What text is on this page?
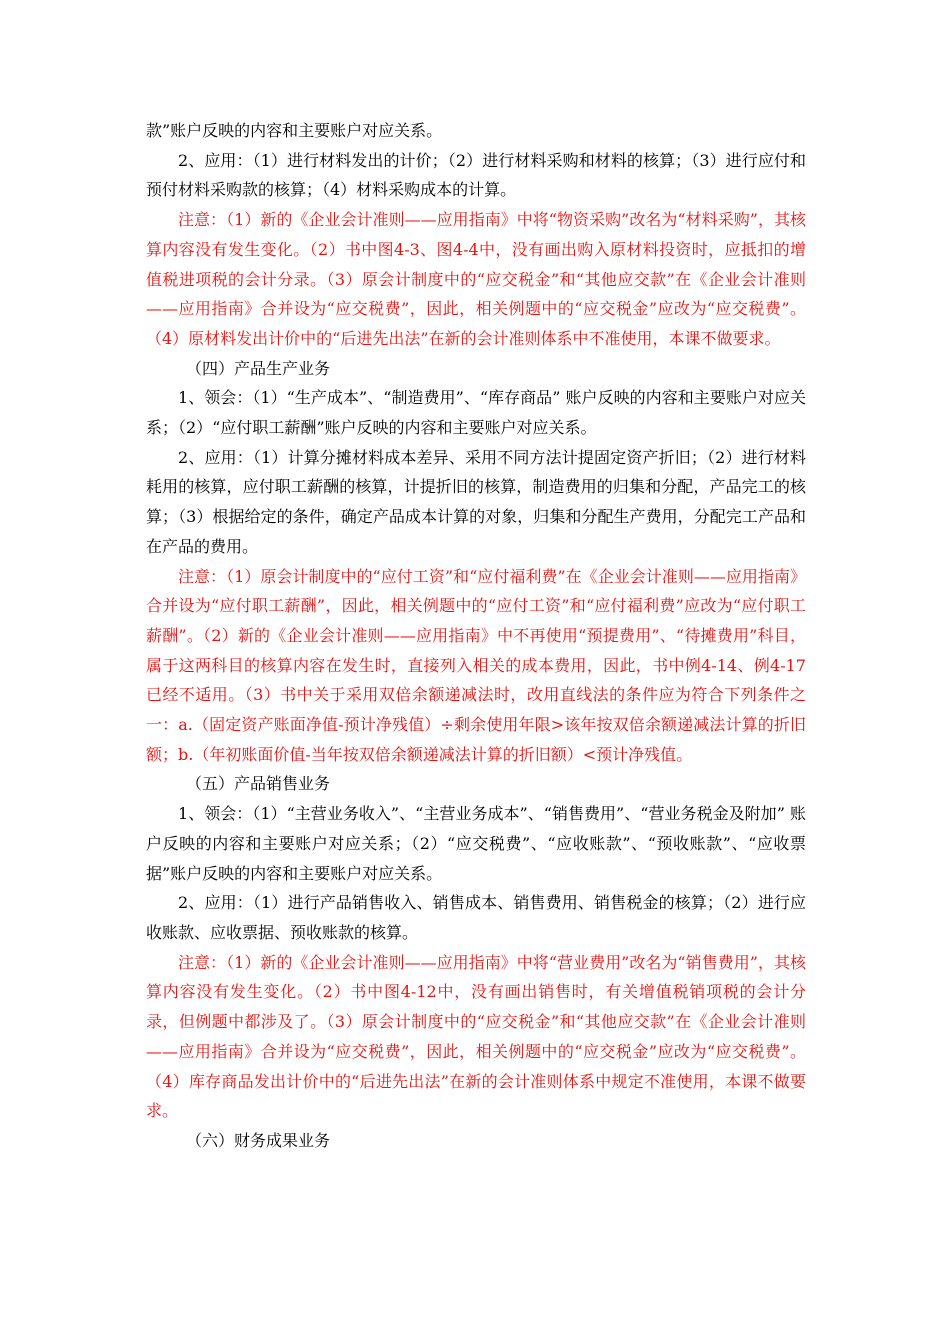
款”账户反映的内容和主要账户对应关系。

2、应用：（1）进行材料发出的计价；（2）进行材料采购和材料的核算；（3）进行应付和预付材料采购款的核算；（4）材料采购成本的计算。

注意：（1）新的《企业会计准则——应用指南》中将“物资采购”改名为“材料采购”，其核算内容没有发生变化。（2）书中图4-3、图4-4中，没有画出购入原材料投资时，应抵扣的增值税进项税的会计分录。（3）原会计制度中的“应交税金”和“其他应交款”在《企业会计准则——应用指南》合并设为“应交税费”，因此，相关例题中的“应交税金”应改为“应交税费”。（4）原材料发出计价中的“后进先出法”在新的会计准则体系中不准使用，本课不做要求。

（四）产品生产业务

1、领会：（1）“生产成本”、“制造费用”、“库存商品” 账户反映的内容和主要账户对应关系；（2）“应付职工薪酬”账户反映的内容和主要账户对应关系。

2、应用：（1）计算分摊材料成本差异、采用不同方法计提固定资产折旧；（2）进行材料耗用的核算，应付职工薪酬的核算，计提折旧的核算，制造费用的归集和分配，产品完工的核算；（3）根据给定的条件，确定产品成本计算的对象，归集和分配生产费用，分配完工产品和在产品的费用。

注意：（1）原会计制度中的“应付工资”和“应付福利费”在《企业会计准则——应用指南》合并设为“应付职工薪酬”，因此，相关例题中的“应付工资”和“应付福利费”应改为“应付职工薪酬”。（2）新的《企业会计准则——应用指南》中不再使用“预提费用”、“待摊费用”科目，属于这两科目的核算内容在发生时，直接列入相关的成本费用，因此，书中例4-14、例4-17已经不适用。（3）书中关于采用双倍余额递减法时，改用直线法的条件应为符合下列条件之一：a.（固定资产账面净值-预计净残值）÷剩余使用年限>该年按双倍余额递减法计算的折旧额；b.（年初账面价值-当年按双倍余额递减法计算的折旧额）<预计净残值。

（五）产品销售业务

1、领会：（1）“主营业务收入”、“主营业务成本”、“销售费用”、“营业务税金及附加” 账户反映的内容和主要账户对应关系；（2）“应交税费”、“应收账款”、“预收账款”、“应收票据”账户反映的内容和主要账户对应关系。

2、应用：（1）进行产品销售收入、销售成本、销售费用、销售税金的核算；（2）进行应收账款、应收票据、预收账款的核算。

注意：（1）新的《企业会计准则——应用指南》中将“营业费用”改名为“销售费用”，其核算内容没有发生变化。（2）书中图4-12中，没有画出销售时，有关增值税销项税的会计分录，但例题中都涉及了。（3）原会计制度中的“应交税金”和“其他应交款”在《企业会计准则——应用指南》合并设为“应交税费”，因此，相关例题中的“应交税金”应改为“应交税费”。（4）库存商品发出计价中的“后进先出法”在新的会计准则体系中规定不准使用，本课不做要求。

（六）财务成果业务
